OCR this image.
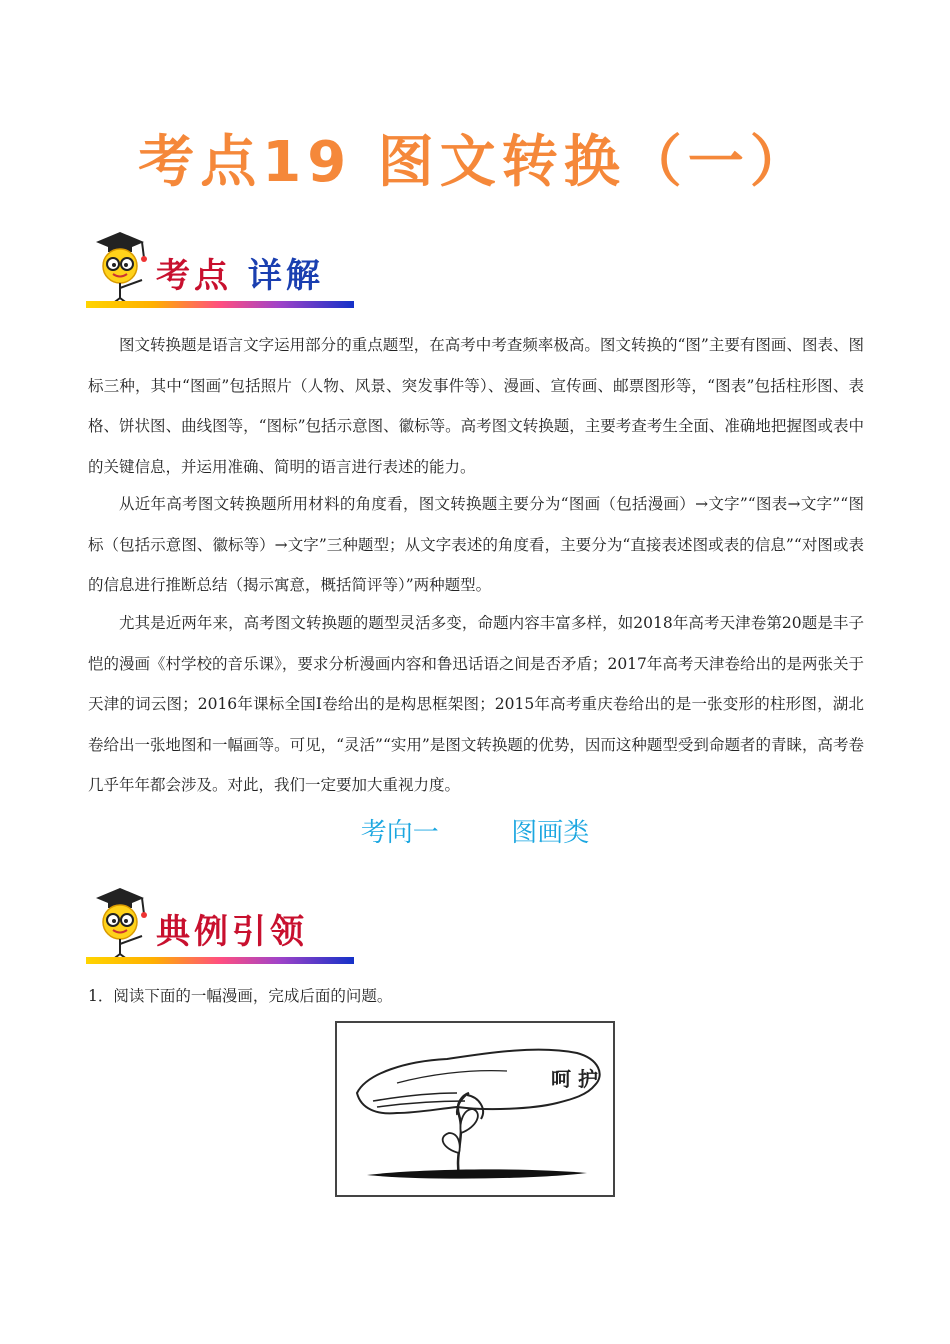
考点19 图文转换（一）
考点 详解
图文转换题是语言文字运用部分的重点题型，在高考中考查频率极高。图文转换的“图”主要有图画、图表、图标三种，其中“图画”包括照片（人物、风景、突发事件等）、漫画、宣传画、邮票图形等，“图表”包括柱形图、表格、饼状图、曲线图等，“图标”包括示意图、徽标等。高考图文转换题，主要考查考生全面、准确地把握图或表中的关键信息，并运用准确、简明的语言进行表述的能力。
从近年高考图文转换题所用材料的角度看，图文转换题主要分为“图画（包括漫画）→文字”“图表→文字”“图标（包括示意图、徽标等）→文字”三种题型；从文字表述的角度看，主要分为“直接表述图或表的信息”“对图或表的信息进行推断总结（揭示寓意，概括简评等）”两种题型。
尤其是近两年来，高考图文转换题的题型灵活多变，命题内容丰富多样，如2018年高考天津卷第20题是丰子恺的漫画《村学校的音乐课》，要求分析漫画内容和鲁迅话语之间是否矛盾；2017年高考天津卷给出的是两张关于天津的词云图；2016年课标全国Ⅰ卷给出的是构思框架图；2015年高考重庆卷给出的是一张变形的柱形图，湖北卷给出一张地图和一幅画等。可见，“灵活”“实用”是图文转换题的优势，因而这种题型受到命题者的青睐，高考卷几乎年年都会涉及。对此，我们一定要加大重视力度。
考向一	图画类
典例引领
1．阅读下面的一幅漫画，完成后面的问题。
呵 护
